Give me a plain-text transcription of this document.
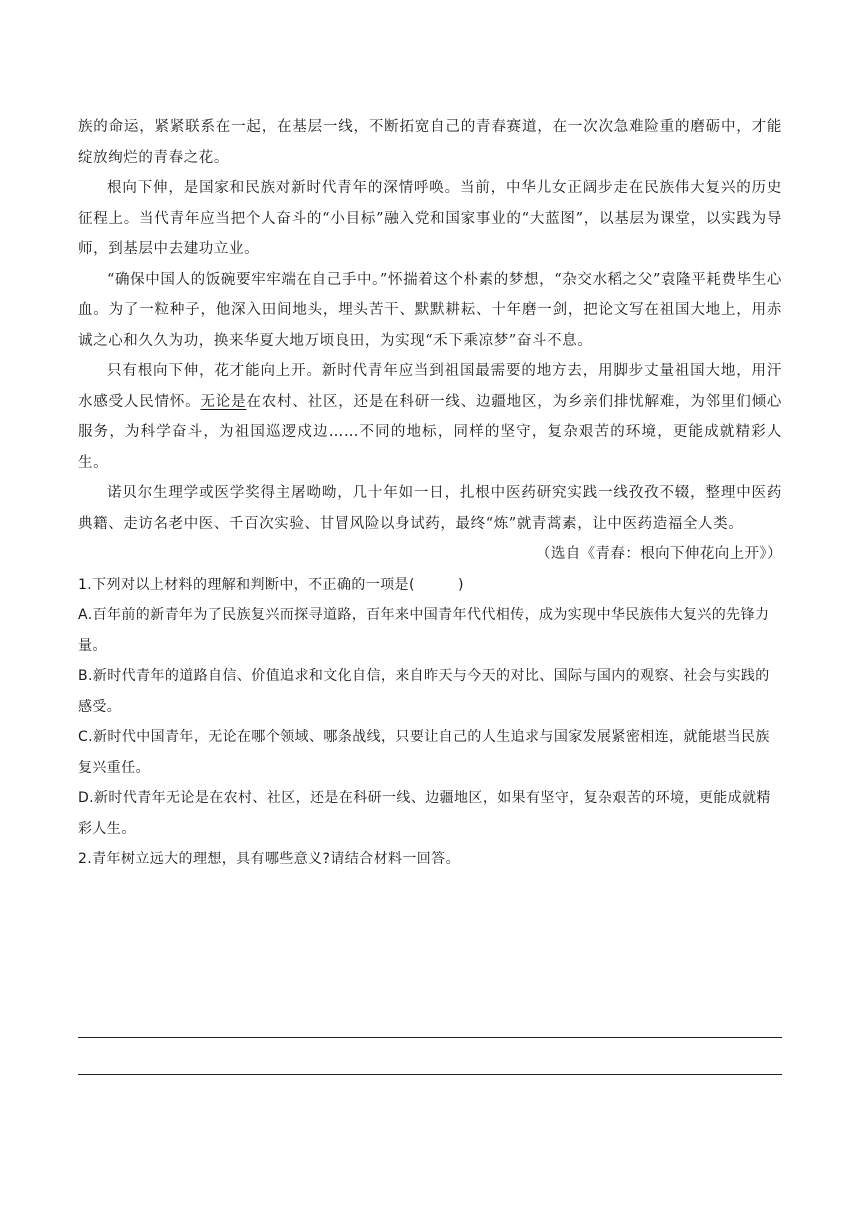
族的命运，紧紧联系在一起，在基层一线，不断拓宽自己的青春赛道，在一次次急难险重的磨砺中，才能绽放绚烂的青春之花。

根向下伸，是国家和民族对新时代青年的深情呼唤。当前，中华儿女正阔步走在民族伟大复兴的历史征程上。当代青年应当把个人奋斗的“小目标”融入党和国家事业的“大蓝图”，以基层为课堂，以实践为导师，到基层中去建功立业。

“确保中国人的饭碗要牢牢端在自己手中。”怀揣着这个朴素的梦想，“杂交水稻之父”袁隆平耗费毕生心血。为了一粒种子，他深入田间地头，埋头苦干、默默耕耘、十年磨一剑，把论文写在祖国大地上，用赤诚之心和久久为功，换来华夏大地万顷良田，为实现“禾下乘凉梦”奋斗不息。

只有根向下伸，花才能向上开。新时代青年应当到祖国最需要的地方去，用脚步丈量祖国大地，用汗水感受人民情怀。无论是在农村、社区，还是在科研一线、边疆地区，为乡亲们排忧解难，为邻里们倾心服务，为科学奋斗，为祖国巡逻戍边……不同的地标，同样的坚守，复杂艰苦的环境，更能成就精彩人生。

诺贝尔生理学或医学奖得主屠呦呦，几十年如一日，扎根中医药研究实践一线孜孜不辍，整理中医药典籍、走访名老中医、千百次实验、甘冒风险以身试药，最终“炼”就青蒿素，让中医药造福全人类。

（选自《青春：根向下伸花向上开》）

1.下列对以上材料的理解和判断中，不正确的一项是(　　　)

A.百年前的新青年为了民族复兴而探寻道路，百年来中国青年代代相传，成为实现中华民族伟大复兴的先锋力量。

B.新时代青年的道路自信、价值追求和文化自信，来自昨天与今天的对比、国际与国内的观察、社会与实践的感受。

C.新时代中国青年，无论在哪个领域、哪条战线，只要让自己的人生追求与国家发展紧密相连，就能堪当民族复兴重任。

D.新时代青年无论是在农村、社区，还是在科研一线、边疆地区，如果有坚守，复杂艰苦的环境，更能成就精彩人生。

2.青年树立远大的理想，具有哪些意义?请结合材料一回答。
